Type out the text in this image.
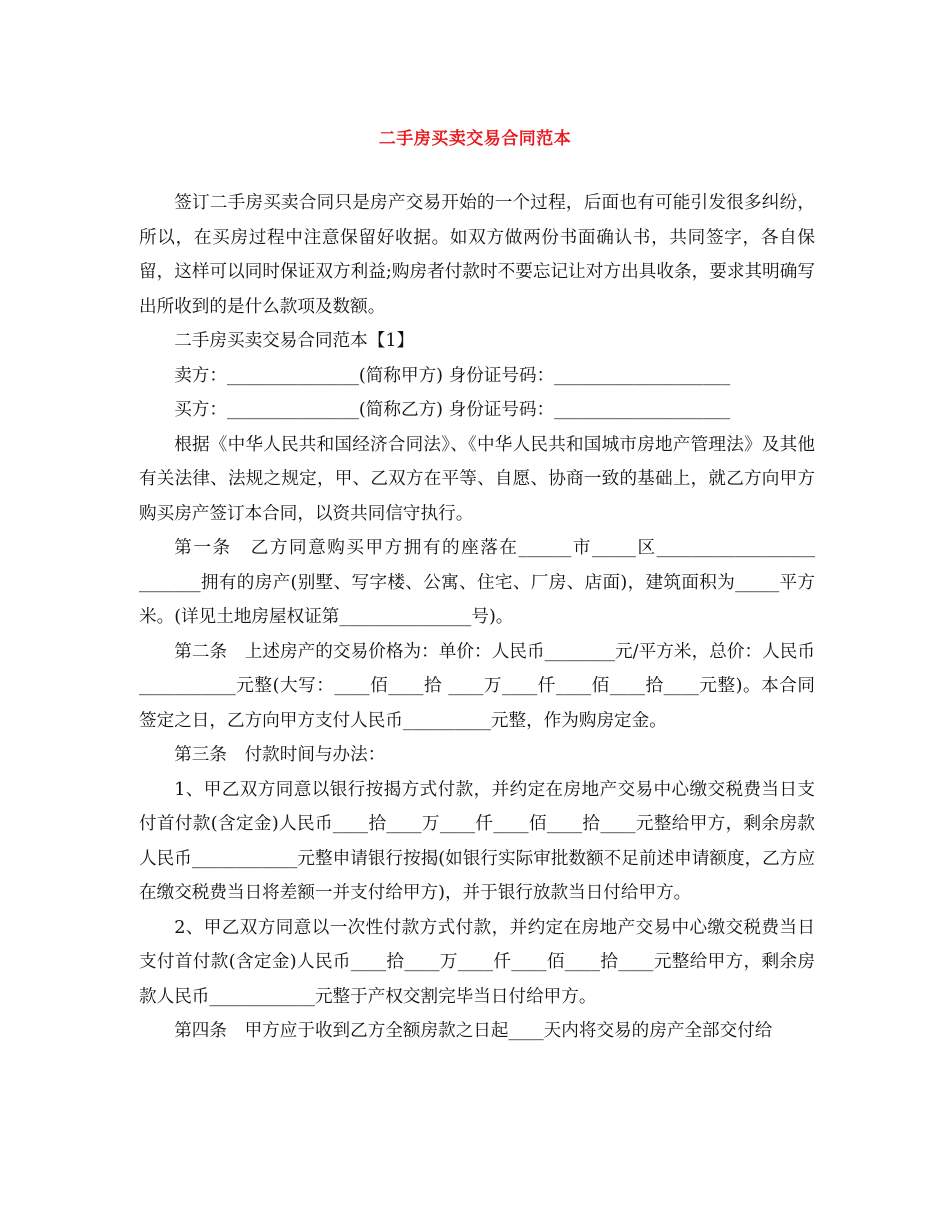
二手房买卖交易合同范本

签订二手房买卖合同只是房产交易开始的一个过程，后面也有可能引发很多纠纷，所以，在买房过程中注意保留好收据。如双方做两份书面确认书，共同签字，各自保留，这样可以同时保证双方利益;购房者付款时不要忘记让对方出具收条，要求其明确写出所收到的是什么款项及数额。

二手房买卖交易合同范本【1】

卖方：_______________(简称甲方) 身份证号码：____________________

买方：_______________(简称乙方) 身份证号码：____________________

根据《中华人民共和国经济合同法》、《中华人民共和国城市房地产管理法》及其他有关法律、法规之规定，甲、乙双方在平等、自愿、协商一致的基础上，就乙方向甲方购买房产签订本合同，以资共同信守执行。

第一条　乙方同意购买甲方拥有的座落在______市_____区__________________ _______拥有的房产(别墅、写字楼、公寓、住宅、厂房、店面)，建筑面积为_____平方米。(详见土地房屋权证第_______________号)。

第二条　上述房产的交易价格为：单价：人民币________元/平方米，总价：人民币___________元整(大写：____佰____拾 ____万____仟____佰____拾____元整)。本合同签定之日，乙方向甲方支付人民币__________元整，作为购房定金。

第三条　付款时间与办法：

1、甲乙双方同意以银行按揭方式付款，并约定在房地产交易中心缴交税费当日支付首付款(含定金)人民币____拾____万____仟____佰____拾____元整给甲方，剩余房款人民币____________元整申请银行按揭(如银行实际审批数额不足前述申请额度，乙方应在缴交税费当日将差额一并支付给甲方)，并于银行放款当日付给甲方。

2、甲乙双方同意以一次性付款方式付款，并约定在房地产交易中心缴交税费当日支付首付款(含定金)人民币____拾____万____仟____佰____拾____元整给甲方，剩余房款人民币____________元整于产权交割完毕当日付给甲方。

第四条　甲方应于收到乙方全额房款之日起____天内将交易的房产全部交付给
